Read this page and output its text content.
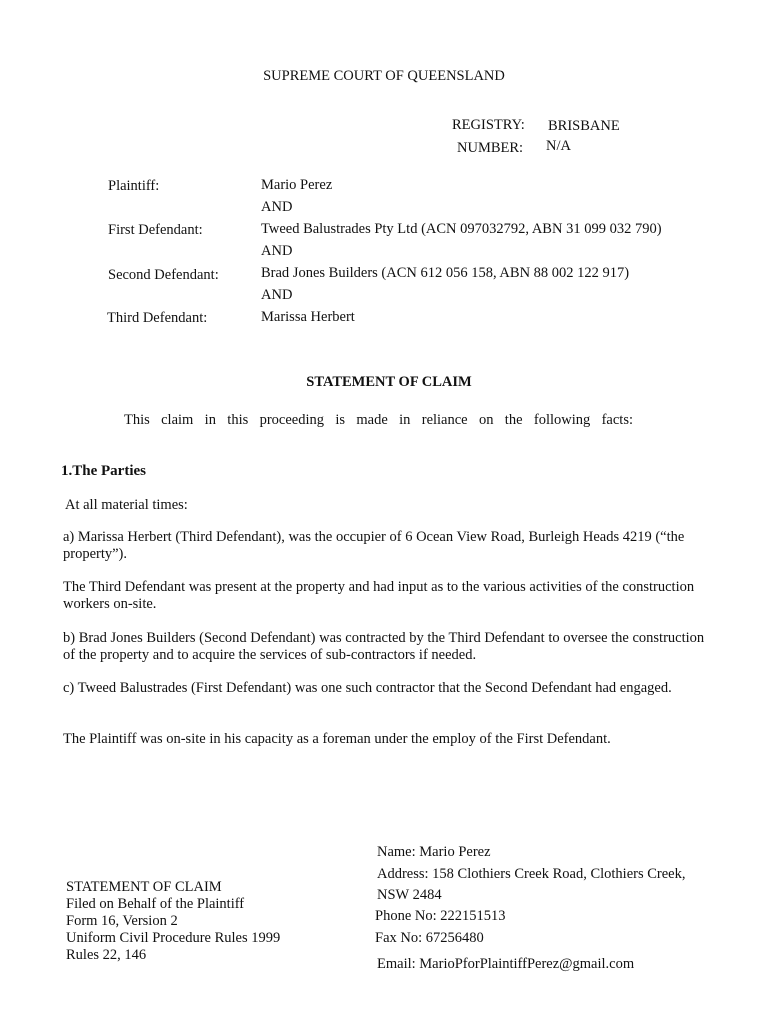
SUPREME COURT OF QUEENSLAND
REGISTRY: BRISBANE
NUMBER: N/A
Plaintiff:	Mario Perez
AND
First Defendant:	Tweed Balustrades Pty Ltd (ACN 097032792, ABN 31 099 032 790)
AND
Second Defendant:	Brad Jones Builders (ACN 612 056 158, ABN 88 002 122 917)
AND
Third Defendant:	Marissa Herbert
STATEMENT OF CLAIM
This claim in this proceeding is made in reliance on the following facts:
1.The Parties
At all material times:
a) Marissa Herbert (Third Defendant), was the occupier of 6 Ocean View Road, Burleigh Heads 4219 (“the property”).
The Third Defendant was present at the property and had input as to the various activities of the construction workers on-site.
b) Brad Jones Builders (Second Defendant) was contracted by the Third Defendant to oversee the construction of the property and to acquire the services of sub-contractors if needed.
c) Tweed Balustrades (First Defendant) was one such contractor that the Second Defendant had engaged.
The Plaintiff was on-site in his capacity as a foreman under the employ of the First Defendant.
STATEMENT OF CLAIM
Filed on Behalf of the Plaintiff
Form 16, Version 2
Uniform Civil Procedure Rules 1999
Rules 22, 146
Name: Mario Perez
Address: 158 Clothiers Creek Road, Clothiers Creek,
NSW 2484
Phone No: 222151513
Fax No: 67256480
Email: MarioPforPlaintiffPerez@gmail.com
